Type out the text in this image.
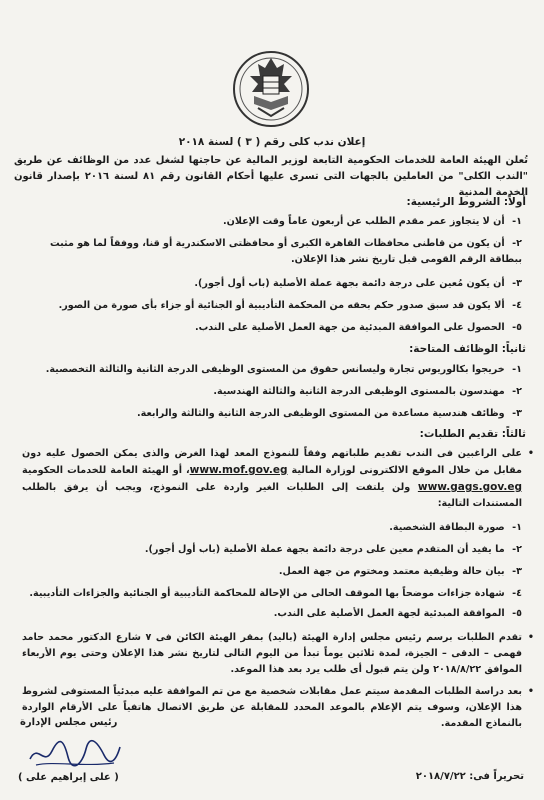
إعلان ندب كلى رقم ( ٣ ) لسنة ٢٠١٨
تُعلن الهيئة العامة للخدمات الحكومية التابعة لوزير المالية عن حاجتها لشغل عدد من الوظائف عن طريق "الندب الكلى" من العاملين بالجهات التى تسرى عليها أحكام القانون رقم ٨١ لسنة ٢٠١٦ بإصدار قانون الخدمة المدنية
أولاً: الشروط الرئيسية:
١- أن لا يتجاوز عمر مقدم الطلب عن أربعون عاماً وقت الإعلان.
٢- أن يكون من قاطنى محافظات القاهرة الكبرى أو محافظتى الاسكندرية أو قنا، ووفقاً لما هو مثبت ببطاقة الرقم القومى قبل تاريخ نشر هذا الإعلان.
٣- أن يكون مُعين على درجة دائمة بجهة عملة الأصلية (باب أول أجور).
٤- ألا يكون قد سبق صدور حكم بحقه من المحكمة التأديبية أو الجنائية أو جزاء بأى صورة من الصور.
٥- الحصول على الموافقة المبدئية من جهة العمل الأصلية على الندب.
ثانياً: الوظائف المتاحة:
١- خريجوا بكالوريوس تجارة وليسانس حقوق من المستوى الوظيفى الدرجة الثانية والثالثة التخصصية.
٢- مهندسون بالمستوى الوظيفى الدرجة الثانية والثالثة الهندسية.
٣- وظائف هندسية مساعدة من المستوى الوظيفى الدرجة الثانية والثالثة والرابعة.
ثالثاً: تقديم الطلبات:
• على الراغبين فى الندب تقديم طلباتهم وفقاً للنموذج المعد لهذا الغرض والذى يمكن الحصول عليه دون مقابل من خلال الموقع الالكترونى لوزارة المالية www.mof.gov.eg، أو الهيئة العامة للخدمات الحكومية www.gags.gov.eg ولن يلتفت إلى الطلبات الغير واردة على النموذج، ويجب أن يرفق بالطلب المستندات التالية:
١- صورة البطاقة الشخصية.
٢- ما يفيد أن المتقدم معين على درجة دائمة بجهة عملة الأصلية (باب أول أجور).
٣- بيان حالة وظيفية معتمد ومختوم من جهة العمل.
٤- شهادة جزاءات موضحاً بها الموقف الحالى من الإحالة للمحاكمة التأديبية أو الجنائية والجزاءات التأديبية.
٥- الموافقة المبدئية لجهة العمل الأصلية على الندب.
• تقدم الطلبات برسم رئيس مجلس إدارة الهيئة (باليد) بمقر الهيئة الكائن فى ٧ شارع الدكتور محمد حامد فهمى – الدقى – الجيزة، لمدة ثلاثين يوماً تبدأ من اليوم التالى لتاريخ نشر هذا الإعلان وحتى يوم الأربعاء الموافق ٢٠١٨/٨/٢٢ ولن يتم قبول أى طلب يرد بعد هذا الموعد.
• بعد دراسة الطلبات المقدمة سيتم عمل مقابلات شخصية مع من تم الموافقة عليه مبدئياً المستوفى لشروط هذا الإعلان، وسوف يتم الإعلام بالموعد المحدد للمقابلة عن طريق الاتصال هاتفياً على الأرقام الواردة بالنماذج المقدمة.
رئيس مجلس الإدارة
( على إبراهيم على )	تحريراً فى: ٢٠١٨/٧/٢٢
